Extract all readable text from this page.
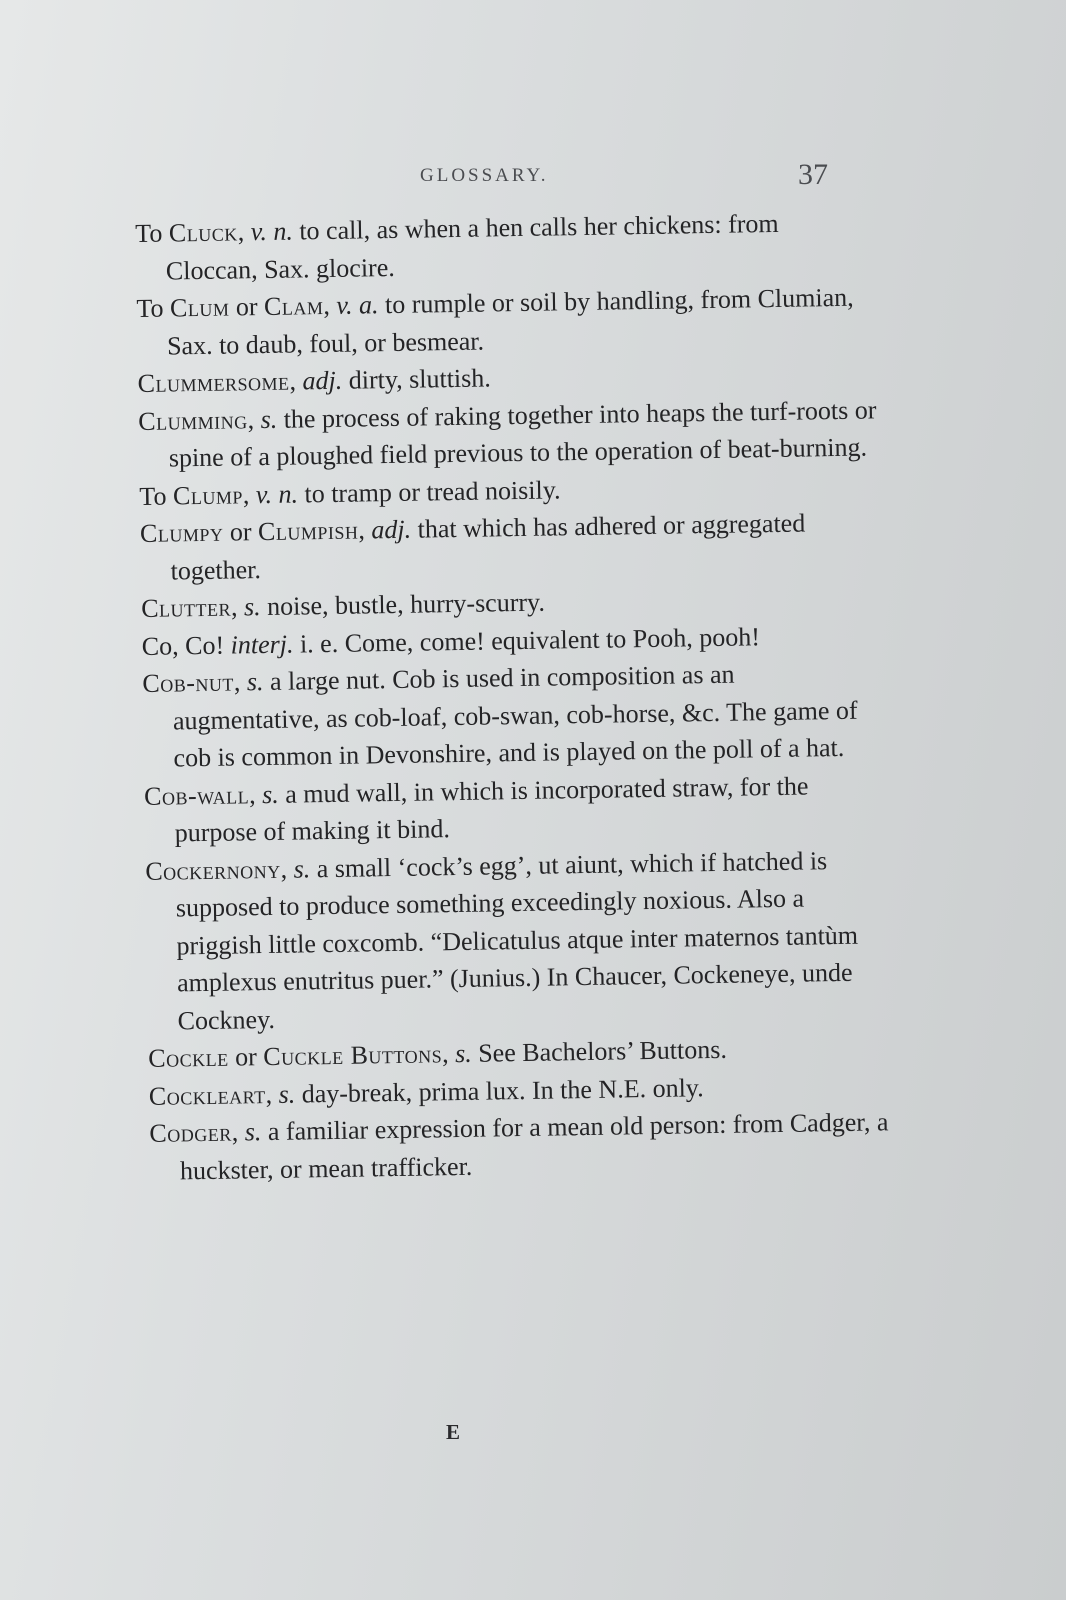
GLOSSARY.	37

To Cluck, v. n. to call, as when a hen calls her chickens: from Cloccan, Sax. glocire.

To Clum or Clam, v. a. to rumple or soil by handling, from Clumian, Sax. to daub, foul, or besmear.

Clummersome, adj. dirty, sluttish.

Clumming, s. the process of raking together into heaps the turf-roots or spine of a ploughed field previous to the operation of beat-burning.

To Clump, v. n. to tramp or tread noisily.

Clumpy or Clumpish, adj. that which has adhered or aggregated together.

Clutter, s. noise, bustle, hurry-scurry.

Co, Co! interj. i. e. Come, come! equivalent to Pooh, pooh!

Cob-nut, s. a large nut. Cob is used in composition as an augmentative, as cob-loaf, cob-swan, cob-horse, &c. The game of cob is common in Devonshire, and is played on the poll of a hat.

Cob-wall, s. a mud wall, in which is incorporated straw, for the purpose of making it bind.

Cockernony, s. a small ‘cock’s egg’, ut aiunt, which if hatched is supposed to produce something exceedingly noxious. Also a priggish little coxcomb. “Delicatulus atque inter maternos tantùm amplexus enutritus puer.” (Junius.) In Chaucer, Cockeneye, unde Cockney.

Cockle or Cuckle Buttons, s. See Bachelors’ Buttons.

Cockleart, s. day-break, prima lux. In the N.E. only.

Codger, s. a familiar expression for a mean old person: from Cadger, a huckster, or mean trafficker.

E
